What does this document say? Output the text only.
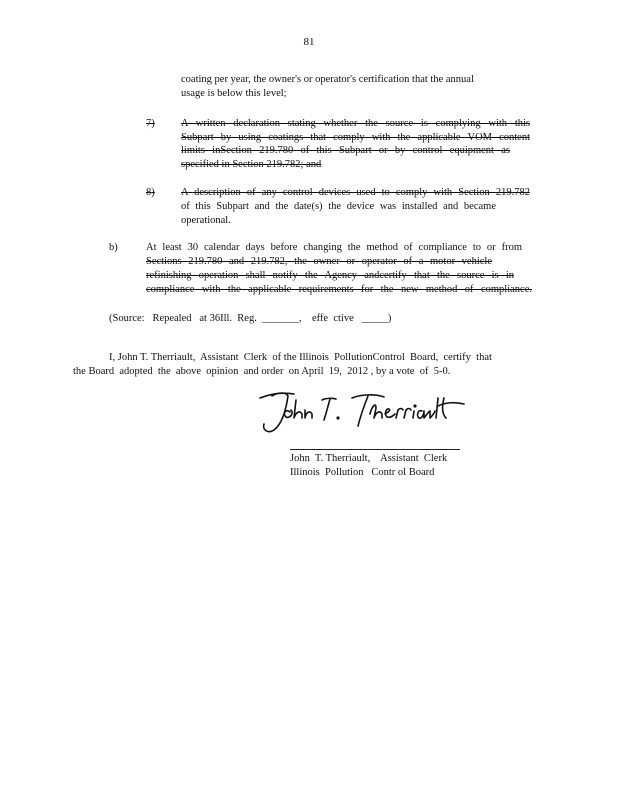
81
coating per year, the owner's or operator's certification that the annual
usage is below this level;
7)	A written declaration stating whether the source is complying with this
Subpart by using coatings that comply with the applicable VOM content
limits inSection 219.780 of this Subpart or by control equipment as
specified in Section 219.782; and
8)	A description of any control devices used to comply with Section 219.782
of this Subpart and the date(s) the device was installed and became
operational.
b)	At least 30 calendar days before changing the method of compliance to or from
Sections 219.780 and 219.782, the owner or operator of a motor vehicle
refinishing operation shall notify the Agency andcertify that the source is in
compliance with the applicable requirements for the new method of compliance.
(Source:   Repealed   at 36Ill.  Reg.  _______,    effe  ctive   _____)
I, John T. Therriault,  Assistant  Clerk  of the Illinois  PollutionControl  Board,  certify  that
the Board  adopted  the  above  opinion  and order  on April  19,  2012 , by a vote  of  5-0.
John  T. Therriault,    Assistant  Clerk
Illinois  Pollution   Contr ol Board
